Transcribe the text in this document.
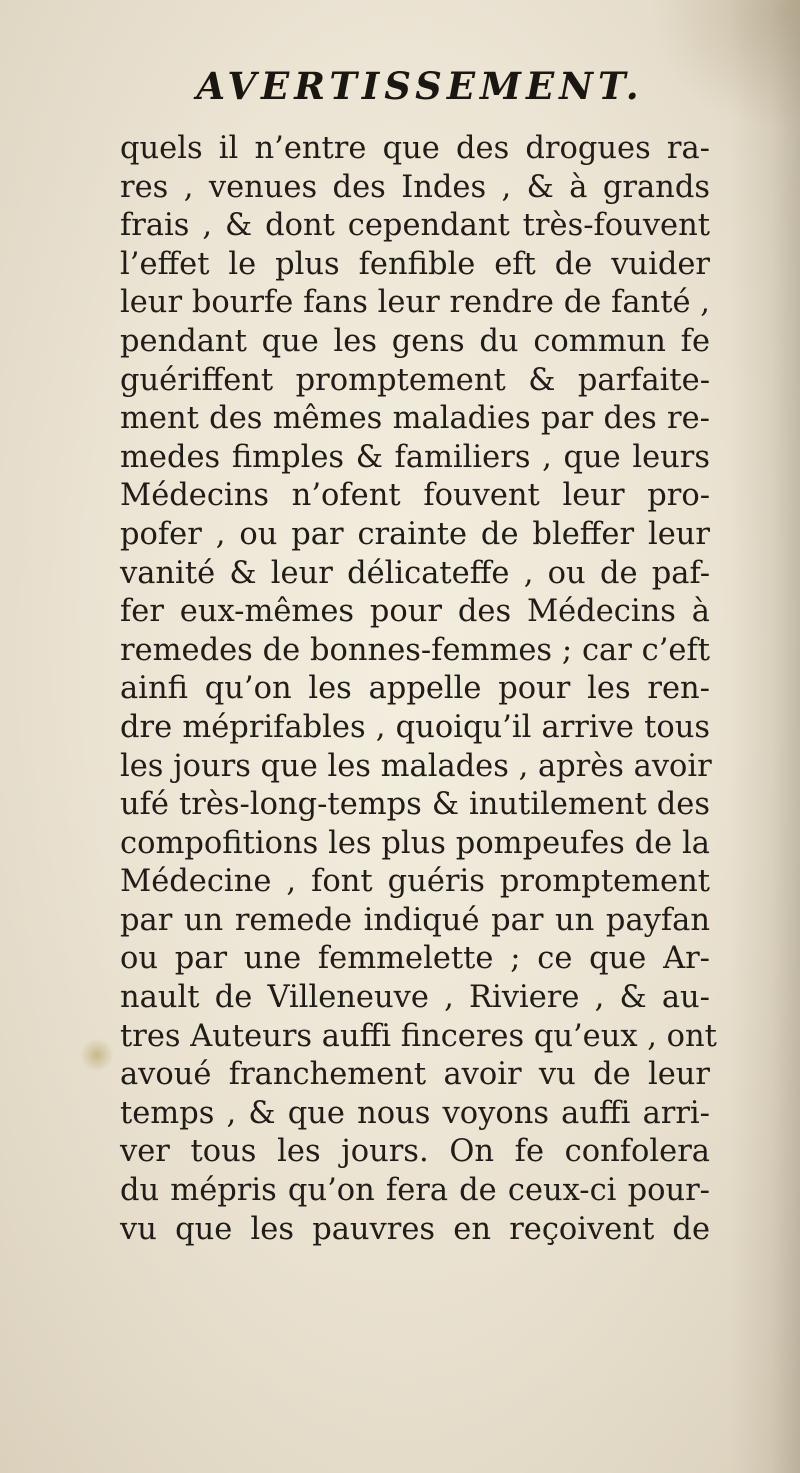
AVERTISSEMENT.
quels il n’entre que des drogues ra-
res , venues des Indes , & à grands
frais , & dont cependant très-fouvent
l’effet le plus fenfible eft de vuider
leur bourfe fans leur rendre de fanté ,
pendant que les gens du commun fe
guériffent promptement & parfaite-
ment des mêmes maladies par des re-
medes fimples & familiers , que leurs
Médecins n’ofent fouvent leur pro-
pofer , ou par crainte de bleffer leur
vanité & leur délicateffe , ou de paf-
fer eux-mêmes pour des Médecins à
remedes de bonnes-femmes ; car c’eft
ainfi qu’on les appelle pour les ren-
dre méprifables , quoiqu’il arrive tous
les jours que les malades , après avoir
ufé très-long-temps & inutilement des
compofitions les plus pompeufes de la
Médecine , font guéris promptement
par un remede indiqué par un payfan
ou par une femmelette ; ce que Ar-
nault de Villeneuve , Riviere , & au-
tres Auteurs auffi finceres qu’eux , ont
avoué franchement avoir vu de leur
temps , & que nous voyons auffi arri-
ver tous les jours. On fe confolera
du mépris qu’on fera de ceux-ci pour-
vu que les pauvres en reçoivent de
